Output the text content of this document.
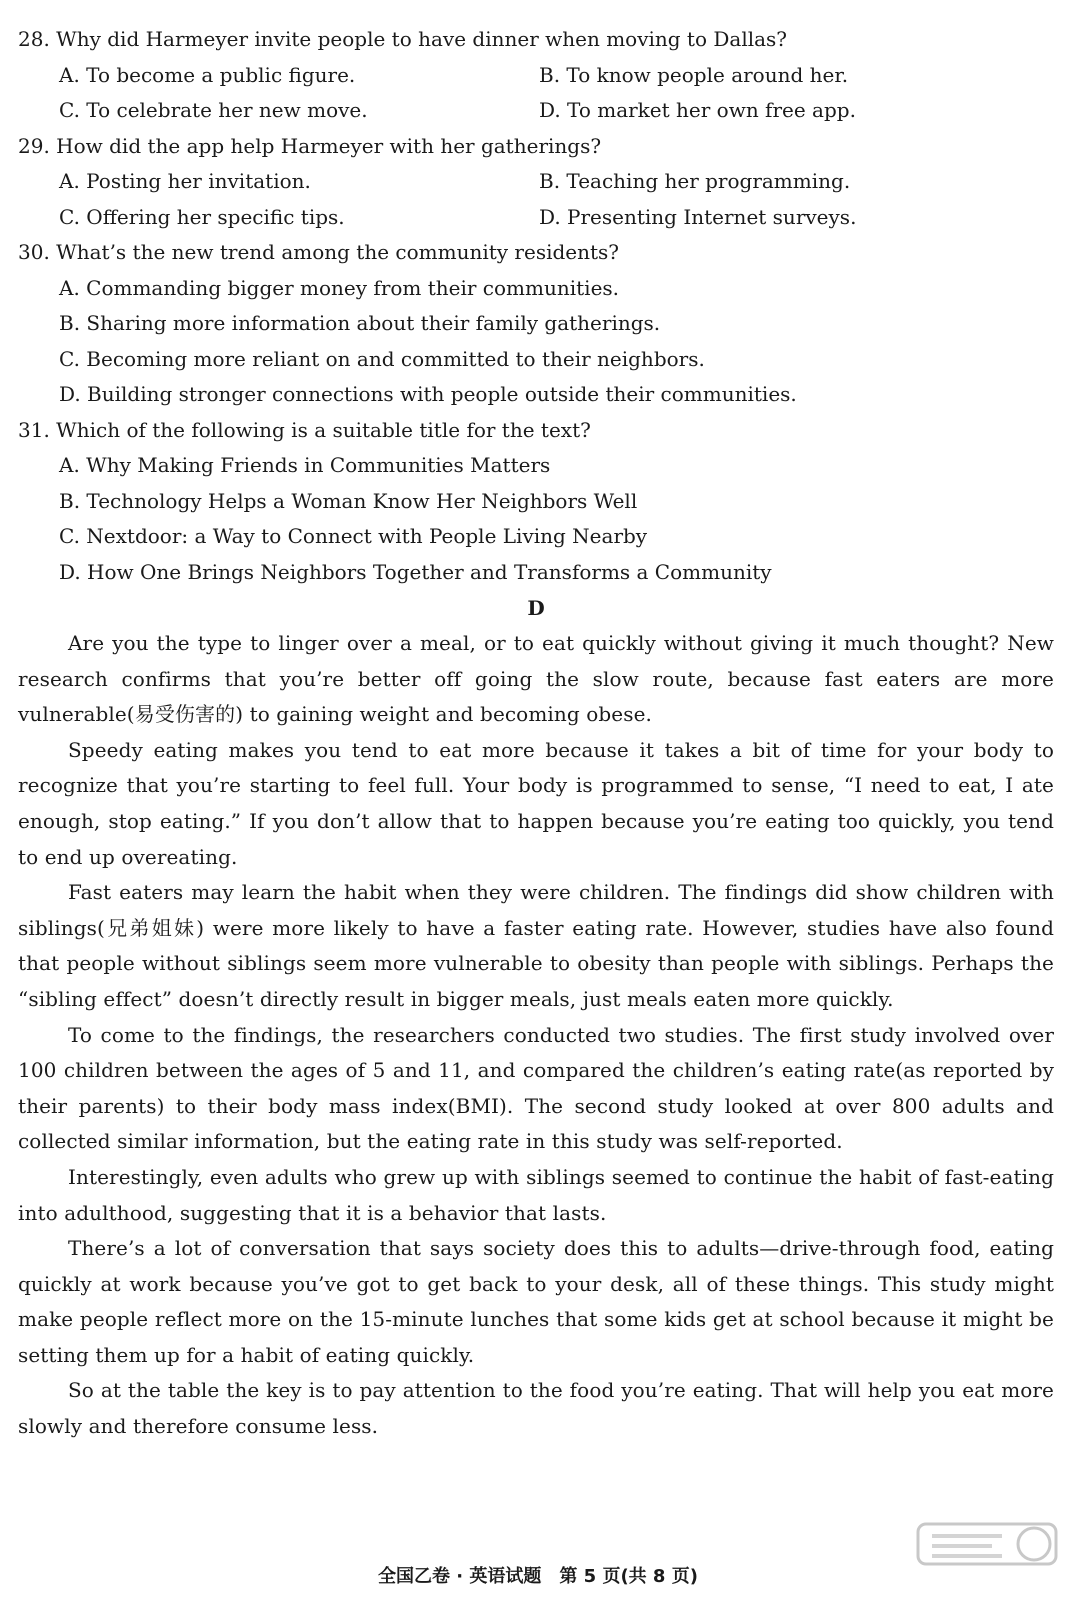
28. Why did Harmeyer invite people to have dinner when moving to Dallas?
A. To become a public figure.	B. To know people around her.
C. To celebrate her new move.	D. To market her own free app.
29. How did the app help Harmeyer with her gatherings?
A. Posting her invitation.	B. Teaching her programming.
C. Offering her specific tips.	D. Presenting Internet surveys.
30. What’s the new trend among the community residents?
A. Commanding bigger money from their communities.
B. Sharing more information about their family gatherings.
C. Becoming more reliant on and committed to their neighbors.
D. Building stronger connections with people outside their communities.
31. Which of the following is a suitable title for the text?
A. Why Making Friends in Communities Matters
B. Technology Helps a Woman Know Her Neighbors Well
C. Nextdoor: a Way to Connect with People Living Nearby
D. How One Brings Neighbors Together and Transforms a Community
D

Are you the type to linger over a meal, or to eat quickly without giving it much thought? New research confirms that you’re better off going the slow route, because fast eaters are more vulnerable(易受伤害的) to gaining weight and becoming obese.

Speedy eating makes you tend to eat more because it takes a bit of time for your body to recognize that you’re starting to feel full. Your body is programmed to sense, “I need to eat, I ate enough, stop eating.” If you don’t allow that to happen because you’re eating too quickly, you tend to end up overeating.

Fast eaters may learn the habit when they were children. The findings did show children with siblings(兄弟姐妹) were more likely to have a faster eating rate. However, studies have also found that people without siblings seem more vulnerable to obesity than people with siblings. Perhaps the “sibling effect” doesn’t directly result in bigger meals, just meals eaten more quickly.

To come to the findings, the researchers conducted two studies. The first study involved over 100 children between the ages of 5 and 11, and compared the children’s eating rate(as reported by their parents) to their body mass index(BMI). The second study looked at over 800 adults and collected similar information, but the eating rate in this study was self-reported.

Interestingly, even adults who grew up with siblings seemed to continue the habit of fast-eating into adulthood, suggesting that it is a behavior that lasts.

There’s a lot of conversation that says society does this to adults—drive-through food, eating quickly at work because you’ve got to get back to your desk, all of these things. This study might make people reflect more on the 15-minute lunches that some kids get at school because it might be setting them up for a habit of eating quickly.

So at the table the key is to pay attention to the food you’re eating. That will help you eat more slowly and therefore consume less.

全国乙卷 · 英语试题　第 5 页(共 8 页)
